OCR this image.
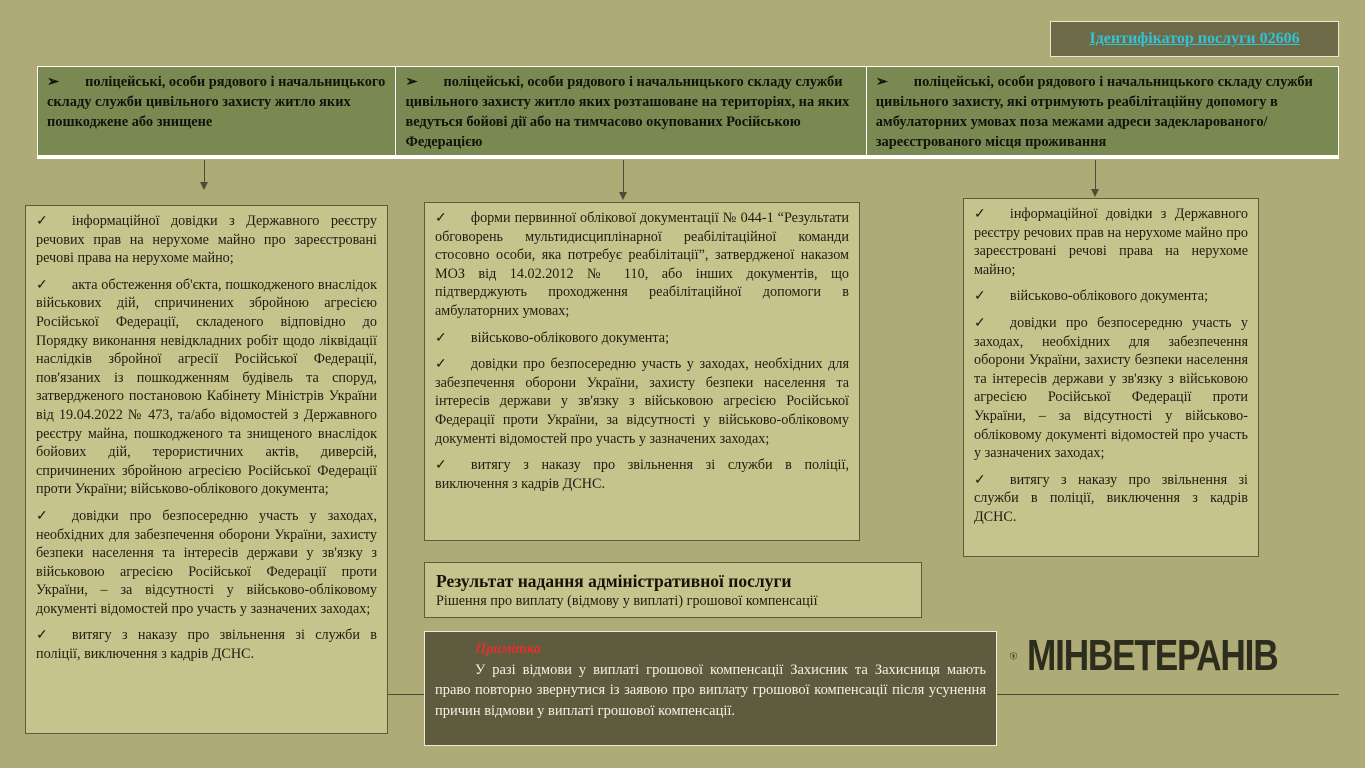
Ідентифікатор послуги 02606
➢ поліцейські, особи рядового і начальницького складу служби цивільного захисту житло яких пошкоджене або знищене
➢ поліцейські, особи рядового і начальницького складу служби цивільного захисту житло яких розташоване на територіях, на яких ведуться бойові дії або на тимчасово окупованих Російською Федерацією
➢ поліцейські, особи рядового і начальницького складу служби цивільного захисту, які отримують реабілітаційну допомогу в амбулаторних умовах поза межами адреси задекларованого/зареєстрованого місця проживання

✓ інформаційної довідки з Державного реєстру речових прав на нерухоме майно про зареєстровані речові права на нерухоме майно;

✓ акта обстеження об'єкта, пошкодженого внаслідок військових дій, спричинених збройною агресією Російської Федерації, складеного відповідно до Порядку виконання невідкладних робіт щодо ліквідації наслідків збройної агресії Російської Федерації, пов'язаних із пошкодженням будівель та споруд, затвердженого постановою Кабінету Міністрів України від 19.04.2022 № 473, та/або відомостей з Державного реєстру майна, пошкодженого та знищеного внаслідок бойових дій, терористичних актів, диверсій, спричинених збройною агресією Російської Федерації проти України; військово-облікового документа;

✓ довідки про безпосередню участь у заходах, необхідних для забезпечення оборони України, захисту безпеки населення та інтересів держави у зв'язку з військовою агресією Російської Федерації проти України, – за відсутності у військово-обліковому документі відомостей про участь у зазначених заходах;

✓ витягу з наказу про звільнення зі служби в поліції, виключення з кадрів ДСНС.

✓ форми первинної облікової документації № 044-1 “Результати обговорень мультидисциплінарної реабілітаційної команди стосовно особи, яка потребує реабілітації”, затвердженої наказом МОЗ від 14.02.2012 № 110, або інших документів, що підтверджують проходження реабілітаційної допомоги в амбулаторних умовах;

✓ військово-облікового документа;

✓ довідки про безпосередню участь у заходах, необхідних для забезпечення оборони України, захисту безпеки населення та інтересів держави у зв'язку з військовою агресією Російської Федерації проти України, за відсутності у військово-обліковому документі відомостей про участь у зазначених заходах;

✓ витягу з наказу про звільнення зі служби в поліції, виключення з кадрів ДСНС.

✓ інформаційної довідки з Державного реєстру речових прав на нерухоме майно про зареєстровані речові права на нерухоме майно;

✓ військово-облікового документа;

✓ довідки про безпосередню участь у заходах, необхідних для забезпечення оборони України, захисту безпеки населення та інтересів держави у зв'язку з військовою агресією Російської Федерації проти України, – за відсутності у військово-обліковому документі відомостей про участь у зазначених заходах;

✓ витягу з наказу про звільнення зі служби в поліції, виключення з кадрів ДСНС.

Результат надання адміністративної послуги
Рішення про виплату (відмову у виплаті) грошової компенсації
Примітка
У разі відмови у виплаті грошової компенсації Захисник та Захисниця мають право повторно звернутися із заявою про виплату грошової компенсації після усунення причин відмови у виплаті грошової компенсації.
МІНВЕТЕРАНІВ
